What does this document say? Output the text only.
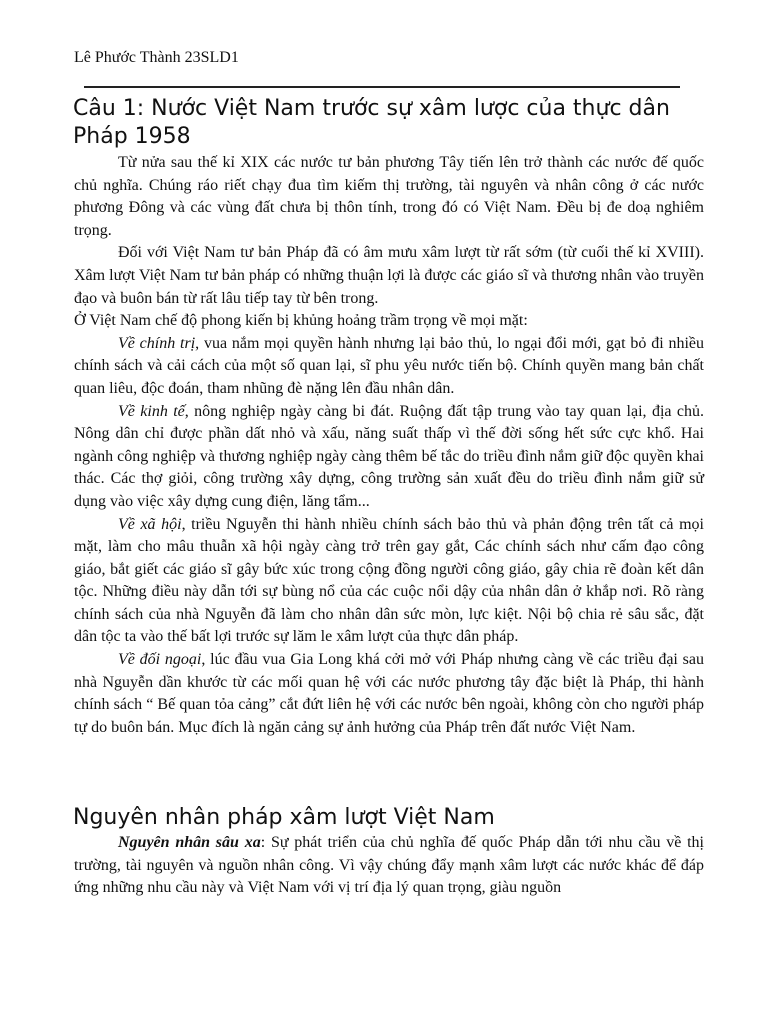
Lê Phước Thành 23SLD1
Câu 1: Nước Việt Nam trước sự xâm lược của thực dân Pháp 1958

Từ nửa sau thế kỉ XIX các nước tư bản phương Tây tiến lên trở thành các nước đế quốc chủ nghĩa. Chúng ráo riết chạy đua tìm kiếm thị trường, tài nguyên và nhân công ở các nước phương Đông và các vùng đất chưa bị thôn tính, trong đó có Việt Nam. Đều bị đe doạ nghiêm trọng.

Đối với Việt Nam tư bản Pháp đã có âm mưu xâm lượt từ rất sớm (từ cuối thế kỉ XVIII). Xâm lượt Việt Nam tư bản pháp có những thuận lợi là được các giáo sĩ và thương nhân vào truyền đạo và buôn bán từ rất lâu tiếp tay từ bên trong.

Ở Việt Nam chế độ phong kiến bị khủng hoảng trầm trọng về mọi mặt:

Về chính trị, vua nắm mọi quyền hành nhưng lại bảo thủ, lo ngại đổi mới, gạt bỏ đi nhiều chính sách và cải cách của một số quan lại, sĩ phu yêu nước tiến bộ. Chính quyền mang bản chất quan liêu, độc đoán, tham nhũng đè nặng lên đầu nhân dân.

Về kinh tế, nông nghiệp ngày càng bi đát. Ruộng đất tập trung vào tay quan lại, địa chủ. Nông dân chỉ được phần dất nhỏ và xấu, năng suất thấp vì thế đời sống hết sức cực khổ. Hai ngành công nghiệp và thương nghiệp ngày càng thêm bế tắc do triều đình nắm giữ độc quyền khai thác. Các thợ giỏi, công trường xây dựng, công trường sản xuất đều do triều đình nắm giữ sử dụng vào việc xây dựng cung điện, lăng tẩm...

Về xã hội, triều Nguyễn thi hành nhiều chính sách bảo thủ và phản động trên tất cả mọi mặt, làm cho mâu thuẫn xã hội ngày càng trở trên gay gắt, Các chính sách như cấm đạo công giáo, bắt giết các giáo sĩ gây bức xúc trong cộng đồng người công giáo, gây chia rẽ đoàn kết dân tộc. Những điều này dẫn tới sự bùng nổ của các cuộc nổi dậy của nhân dân ở khắp nơi. Rõ ràng chính sách của nhà Nguyễn đã làm cho nhân dân sức mòn, lực kiệt. Nội bộ chia rẻ sâu sắc, đặt dân tộc ta vào thế bất lợi trước sự lăm le xâm lượt của thực dân pháp.

Về đối ngoại, lúc đầu vua Gia Long khá cởi mở với Pháp nhưng càng về các triều đại sau nhà Nguyễn dần khước từ các mối quan hệ với các nước phương tây đặc biệt là Pháp, thi hành chính sách “ Bế quan tỏa cảng” cắt đứt liên hệ với các nước bên ngoài, không còn cho người pháp tự do buôn bán. Mục đích là ngăn cảng sự ảnh hưởng của Pháp trên đất nước Việt Nam.

Nguyên nhân pháp xâm lượt Việt Nam

Nguyên nhân sâu xa: Sự phát triển của chủ nghĩa đế quốc Pháp dẫn tới nhu cầu về thị trường, tài nguyên và nguồn nhân công. Vì vậy chúng đẩy mạnh xâm lượt các nước khác để đáp ứng những nhu cầu này và Việt Nam với vị trí địa lý quan trọng, giàu nguồn
